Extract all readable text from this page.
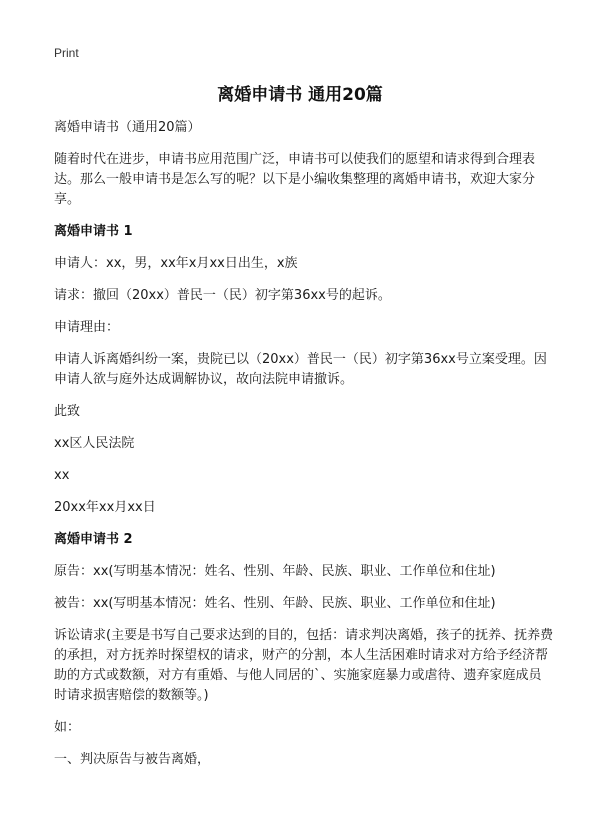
Print
离婚申请书 通用20篇

离婚申请书（通用20篇）

随着时代在进步，申请书应用范围广泛，申请书可以使我们的愿望和请求得到合理表达。那么一般申请书是怎么写的呢？以下是小编收集整理的离婚申请书，欢迎大家分享。

离婚申请书 1

申请人：xx，男，xx年x月xx日出生，x族

请求：撤回（20xx）普民一（民）初字第36xx号的起诉。

申请理由：

申请人诉离婚纠纷一案，贵院已以（20xx）普民一（民）初字第36xx号立案受理。因申请人欲与庭外达成调解协议，故向法院申请撤诉。

此致

xx区人民法院

xx

20xx年xx月xx日

离婚申请书 2

原告：xx(写明基本情况：姓名、性别、年龄、民族、职业、工作单位和住址)

被告：xx(写明基本情况：姓名、性别、年龄、民族、职业、工作单位和住址)

诉讼请求(主要是书写自己要求达到的目的，包括：请求判决离婚，孩子的抚养、抚养费的承担，对方抚养时探望权的请求，财产的分割，本人生活困难时请求对方给予经济帮助的方式或数额，对方有重婚、与他人同居的`、实施家庭暴力或虐待、遗弃家庭成员时请求损害赔偿的数额等。)

如：

一、判决原告与被告离婚，
